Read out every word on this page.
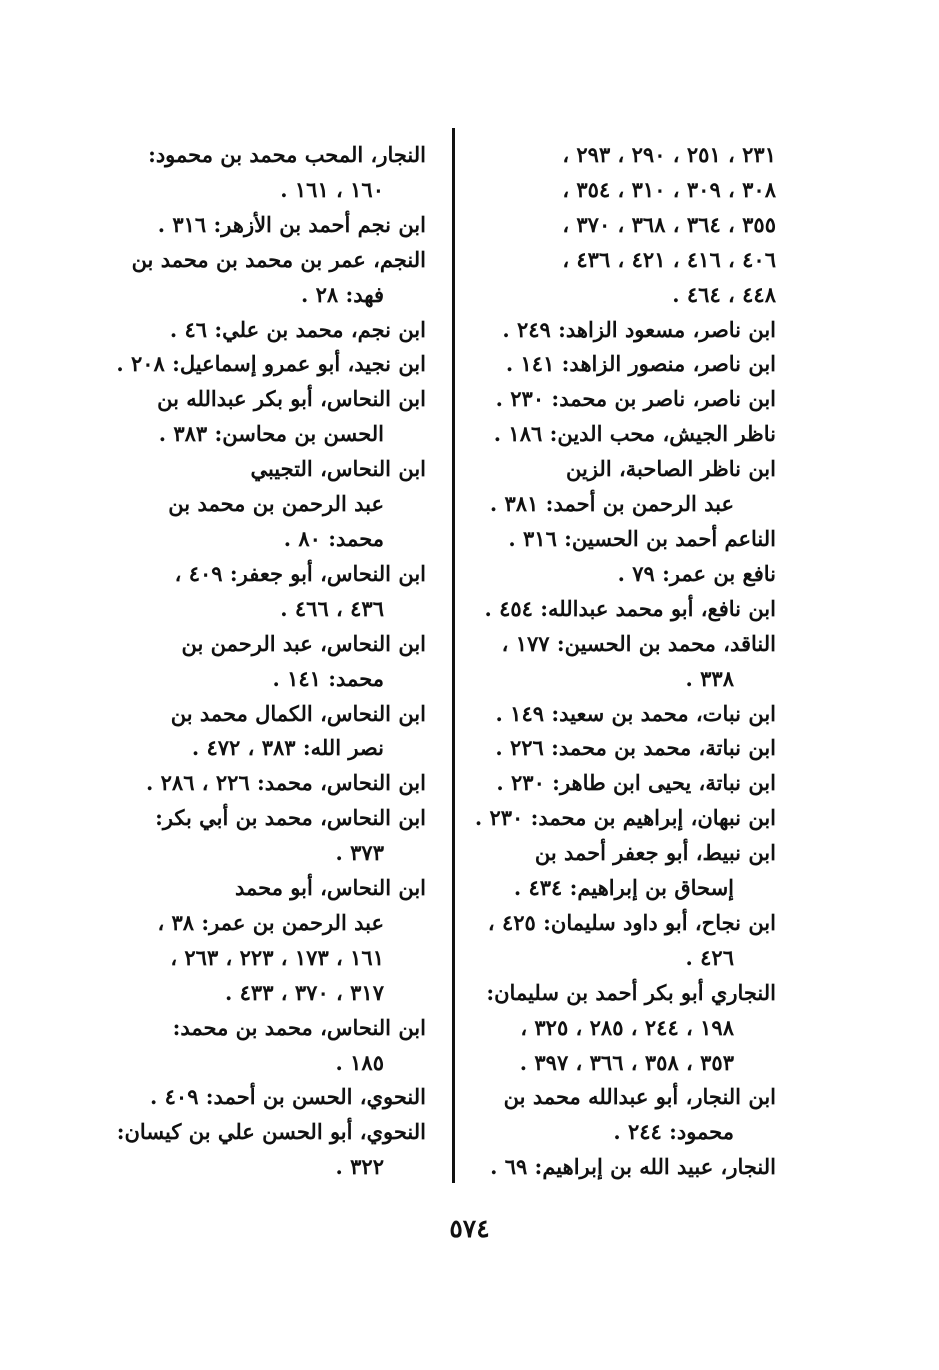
٢٣١ ، ٢٥١ ، ٢٩٠ ، ٢٩٣ ،
٣٠٨ ، ٣٠٩ ، ٣١٠ ، ٣٥٤ ،
٣٥٥ ، ٣٦٤ ، ٣٦٨ ، ٣٧٠ ،
٤٠٦ ، ٤١٦ ، ٤٢١ ، ٤٣٦ ،
٤٤٨ ، ٤٦٤ .
ابن ناصر، مسعود الزاهد: ٢٤٩ .
ابن ناصر، منصور الزاهد: ١٤١ .
ابن ناصر، ناصر بن محمد: ٢٣٠ .
ناظر الجيش، محب الدين: ١٨٦ .
ابن ناظر الصاحبة، الزين
عبد الرحمن بن أحمد: ٣٨١ .
الناعم أحمد بن الحسين: ٣١٦ .
نافع بن عمر: ٧٩ .
ابن نافع، أبو محمد عبدالله: ٤٥٤ .
الناقد، محمد بن الحسين: ١٧٧ ،
٣٣٨ .
ابن نبات، محمد بن سعيد: ١٤٩ .
ابن نباتة، محمد بن محمد: ٢٢٦ .
ابن نباتة، يحيى ابن طاهر: ٢٣٠ .
ابن نبهان، إبراهيم بن محمد: ٢٣٠ .
ابن نبيط، أبو جعفر أحمد بن
إسحاق بن إبراهيم: ٤٣٤ .
ابن نجاح، أبو داود سليمان: ٤٢٥ ،
٤٢٦ .
النجاري أبو بكر أحمد بن سليمان:
١٩٨ ، ٢٤٤ ، ٢٨٥ ، ٣٢٥ ،
٣٥٣ ، ٣٥٨ ، ٣٦٦ ، ٣٩٧ .
ابن النجار، أبو عبدالله محمد بن
محمود: ٢٤٤ .
النجار، عبيد الله بن إبراهيم: ٦٩ .
النجار، المحب محمد بن محمود:
١٦٠ ، ١٦١ .
ابن نجم أحمد بن الأزهر: ٣١٦ .
النجم، عمر بن محمد بن محمد بن
فهد: ٢٨ .
ابن نجم، محمد بن علي: ٤٦ .
ابن نجيد، أبو عمرو إسماعيل: ٢٠٨ .
ابن النحاس، أبو بكر عبدالله بن
الحسن بن محاسن: ٣٨٣ .
ابن النحاس، التجيبي
عبد الرحمن بن محمد بن
محمد: ٨٠ .
ابن النحاس، أبو جعفر: ٤٠٩ ،
٤٣٦ ، ٤٦٦ .
ابن النحاس، عبد الرحمن بن
محمد: ١٤١ .
ابن النحاس، الكمال محمد بن
نصر الله: ٣٨٣ ، ٤٧٢ .
ابن النحاس، محمد: ٢٢٦ ، ٢٨٦ .
ابن النحاس، محمد بن أبي بكر:
٣٧٣ .
ابن النحاس، أبو محمد
عبد الرحمن بن عمر: ٣٨ ،
١٦١ ، ١٧٣ ، ٢٢٣ ، ٢٦٣ ،
٣١٧ ، ٣٧٠ ، ٤٣٣ .
ابن النحاس، محمد بن محمد:
١٨٥ .
النحوي، الحسن بن أحمد: ٤٠٩ .
النحوي، أبو الحسن علي بن كيسان:
٣٢٢ .
٥٧٤
